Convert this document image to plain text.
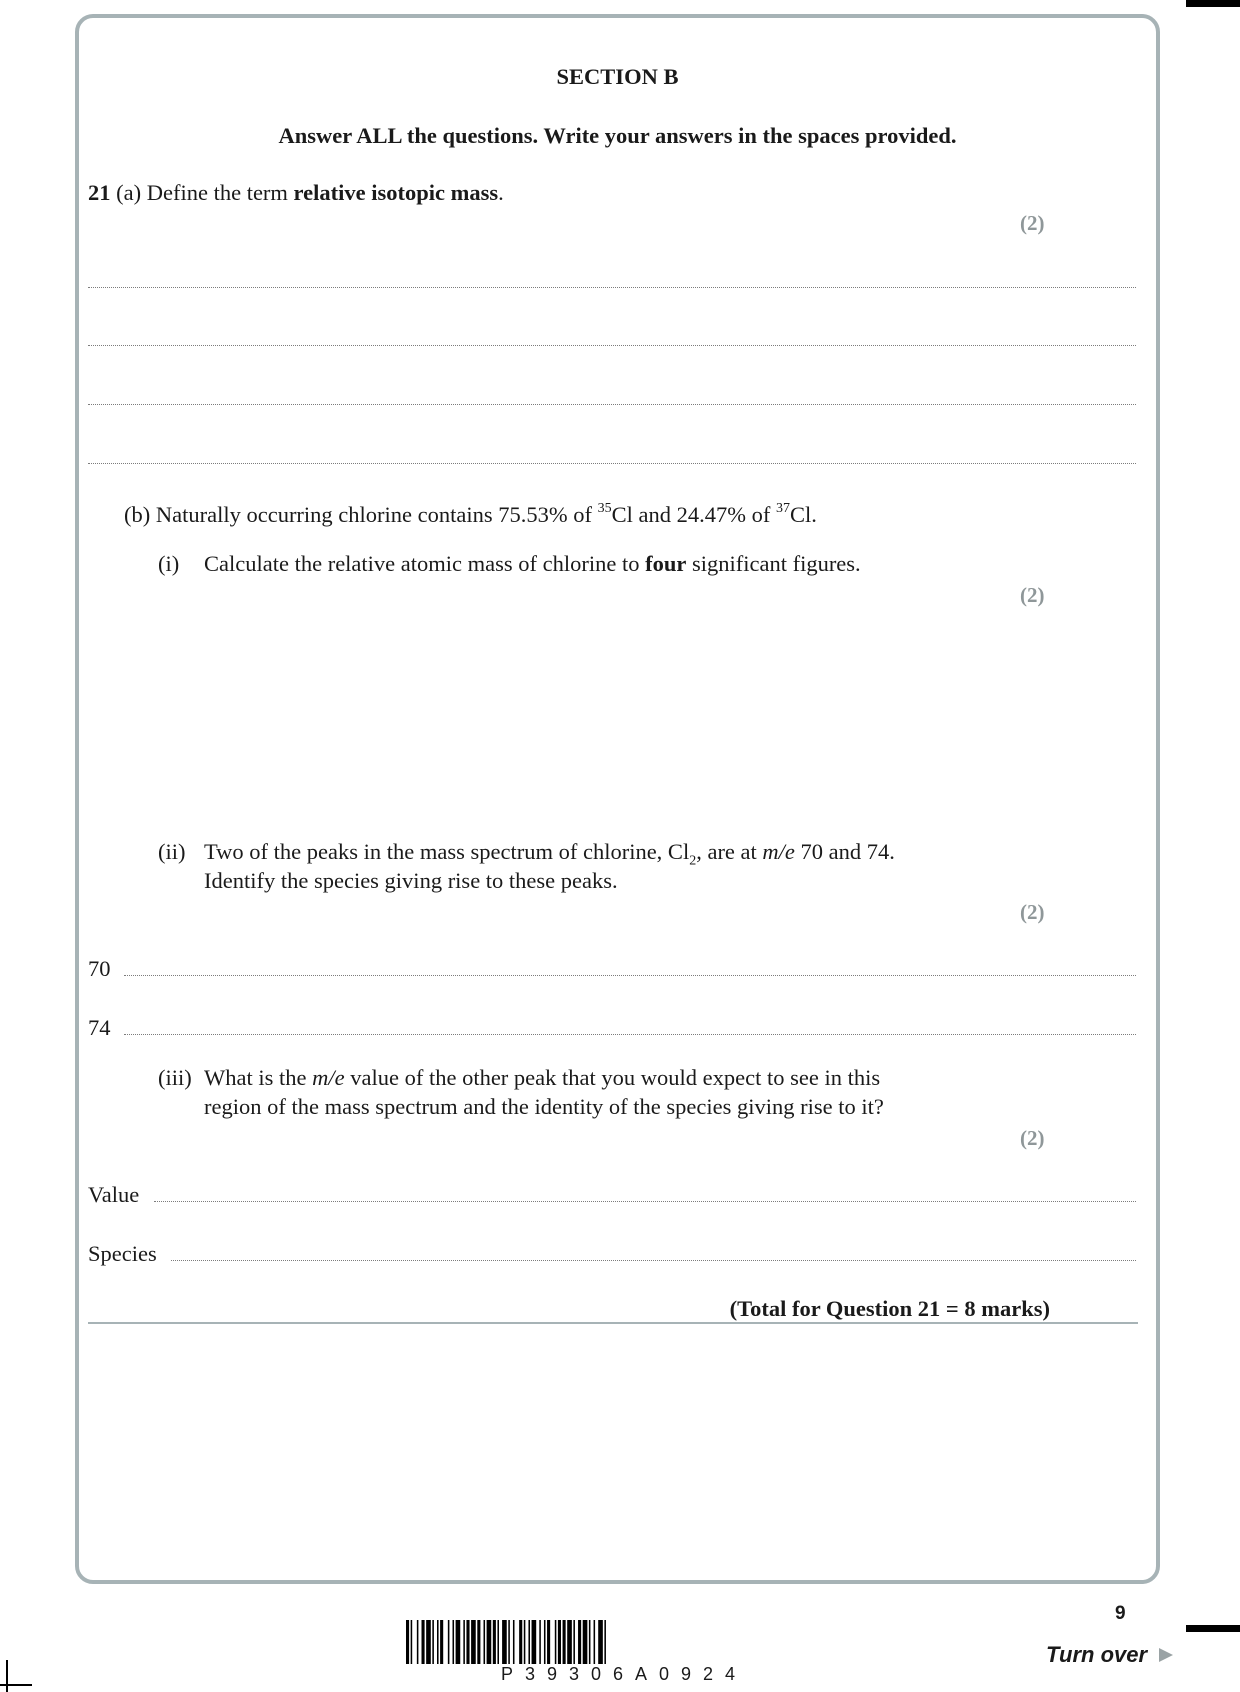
SECTION B
Answer ALL the questions. Write your answers in the spaces provided.
21 (a) Define the term relative isotopic mass.
(2)
(b) Naturally occurring chlorine contains 75.53% of $^{35}$Cl and 24.47% of $^{37}$Cl.
(i) Calculate the relative atomic mass of chlorine to four significant figures.
(2)
(ii) Two of the peaks in the mass spectrum of chlorine, $Cl_2$, are at m/e 70 and 74.
Identify the species giving rise to these peaks.
(2)
70
74
(iii) What is the m/e value of the other peak that you would expect to see in this
region of the mass spectrum and the identity of the species giving rise to it?
(2)
Value
Species
(Total for Question 21 = 8 marks)
9
Turn over
P39306A0924
